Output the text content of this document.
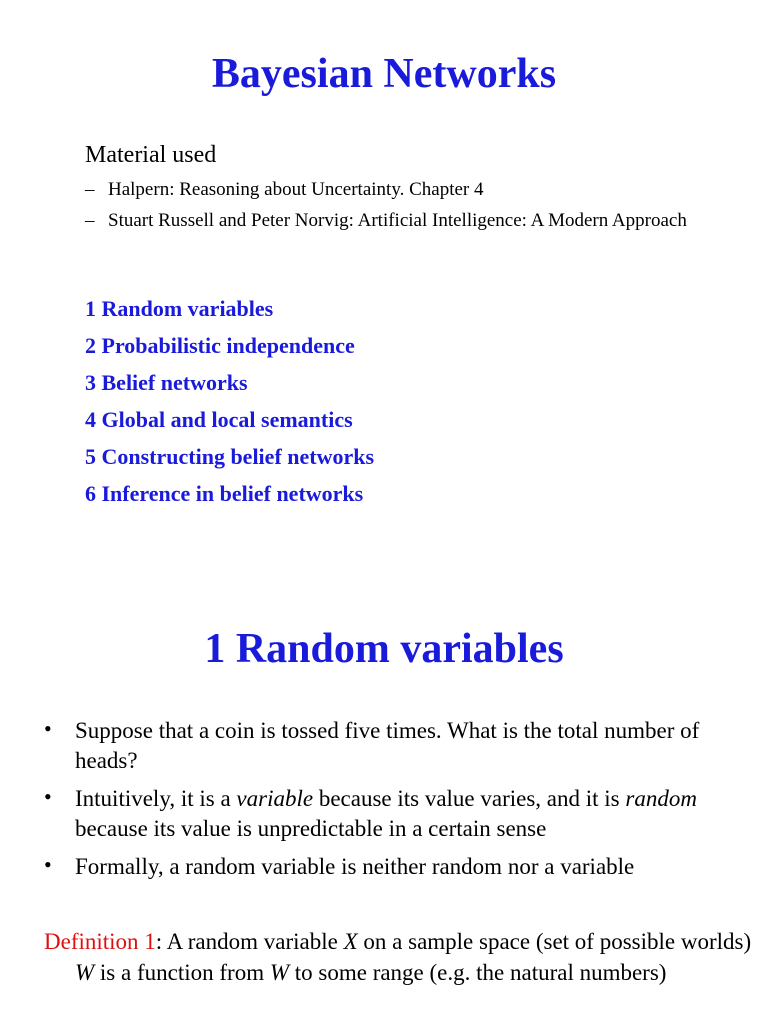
Bayesian Networks
Material used
– Halpern: Reasoning about Uncertainty. Chapter 4
– Stuart Russell and Peter Norvig: Artificial Intelligence: A Modern Approach
1 Random variables
2 Probabilistic independence
3 Belief networks
4 Global and local semantics
5 Constructing belief networks
6 Inference in belief networks
1 Random variables
• Suppose that a coin is tossed five times. What is the total number of heads?
• Intuitively, it is a variable because its value varies, and it is random because its value is unpredictable in a certain sense
• Formally, a random variable is neither random nor a variable
Definition 1: A random variable X on a sample space (set of possible worlds) W is a function from W to some range (e.g. the natural numbers)
